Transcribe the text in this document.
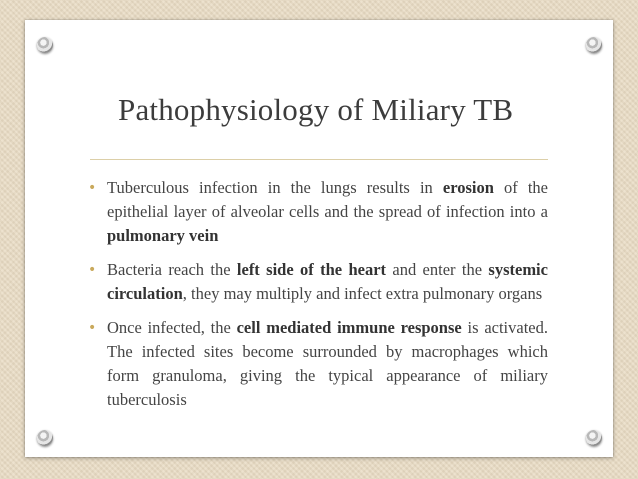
Pathophysiology of Miliary TB
• Tuberculous infection in the lungs results in erosion of the epithelial layer of alveolar cells and the spread of infection into a pulmonary vein
• Bacteria reach the left side of the heart and enter the systemic circulation, they may multiply and infect extra pulmonary organs
• Once infected, the cell mediated immune response is activated. The infected sites become surrounded by macrophages which form granuloma, giving the typical appearance of miliary tuberculosis
